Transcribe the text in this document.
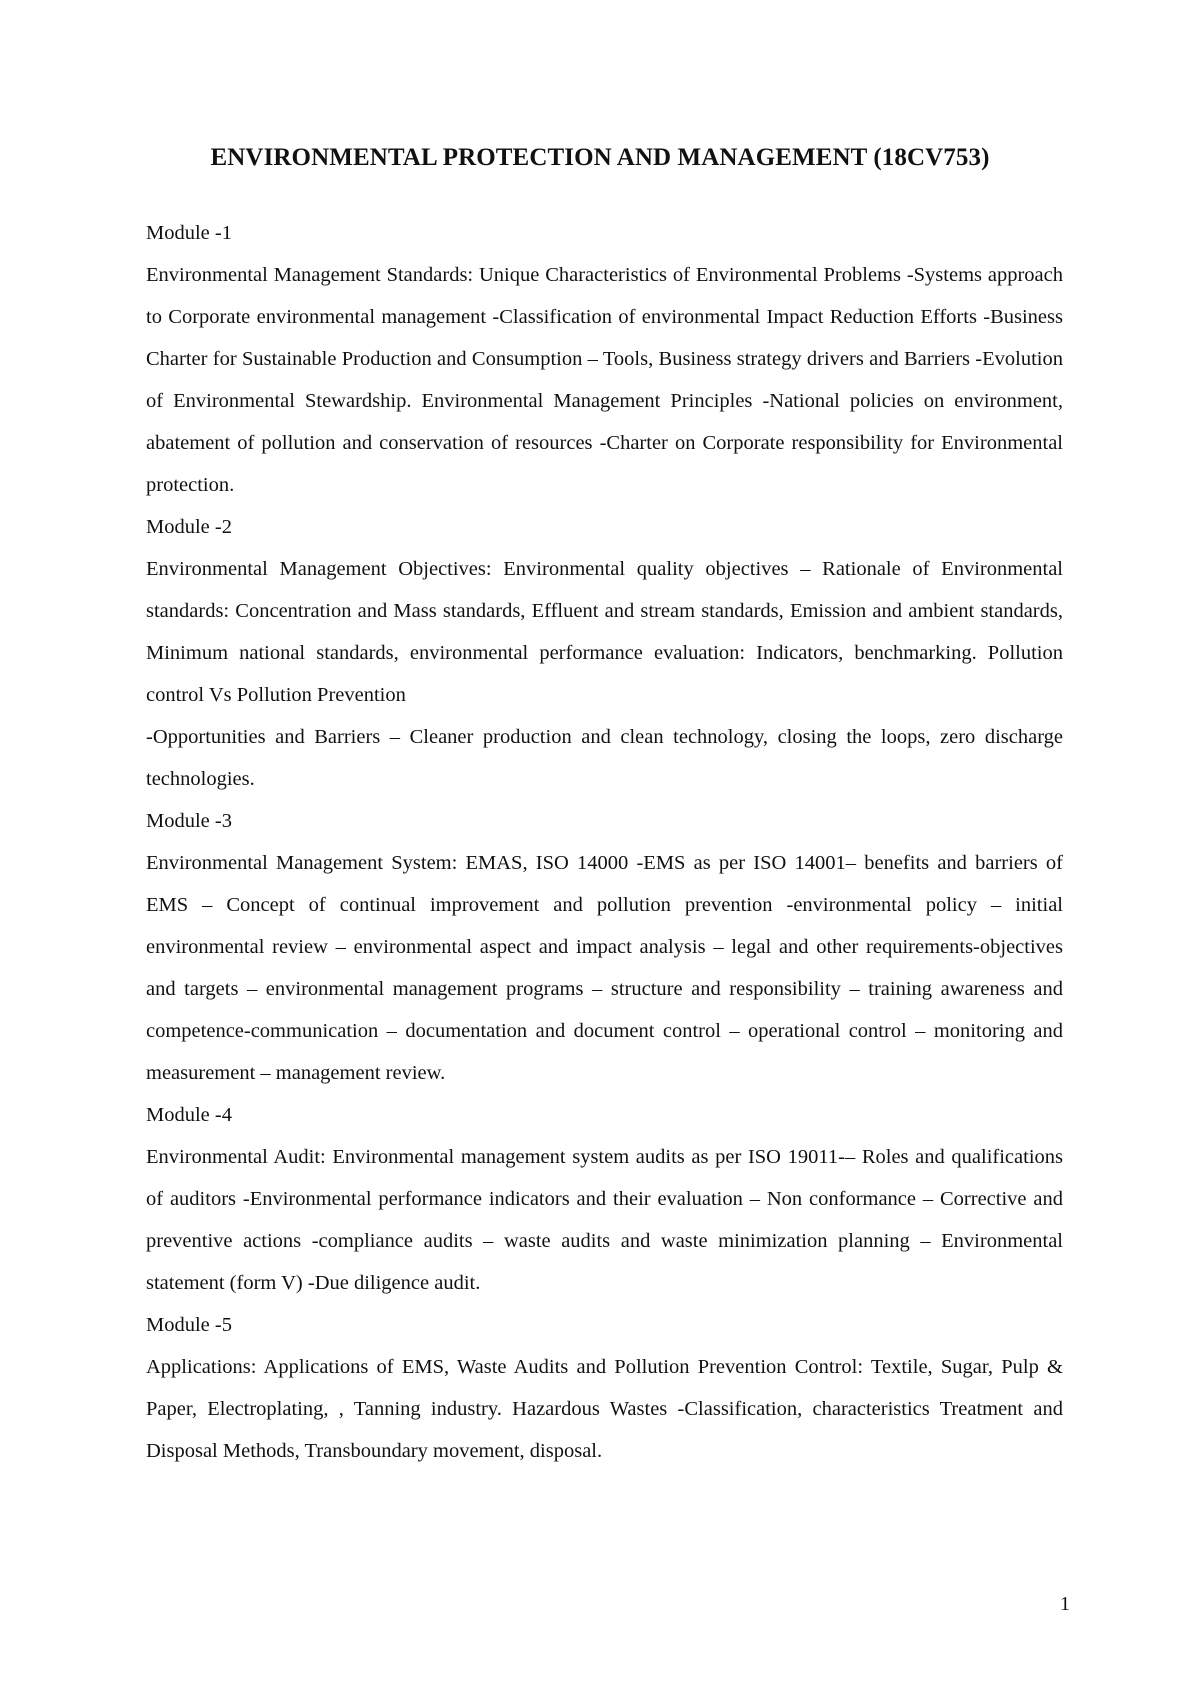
ENVIRONMENTAL PROTECTION AND MANAGEMENT (18CV753)

Module -1

Environmental Management Standards: Unique Characteristics of Environmental Problems -Systems approach to Corporate environmental management -Classification of environmental Impact Reduction Efforts -Business Charter for Sustainable Production and Consumption – Tools, Business strategy drivers and Barriers -Evolution of Environmental Stewardship. Environmental Management Principles -National policies on environment, abatement of pollution and conservation of resources -Charter on Corporate responsibility for Environmental protection.

Module -2

Environmental Management Objectives: Environmental quality objectives – Rationale of Environmental standards: Concentration and Mass standards, Effluent and stream standards, Emission and ambient standards, Minimum national standards, environmental performance evaluation: Indicators, benchmarking. Pollution control Vs Pollution Prevention

-Opportunities and Barriers – Cleaner production and clean technology, closing the loops, zero discharge technologies.

Module -3

Environmental Management System: EMAS, ISO 14000 -EMS as per ISO 14001– benefits and barriers of EMS – Concept of continual improvement and pollution prevention -environmental policy – initial environmental review – environmental aspect and impact analysis – legal and other requirements-objectives and targets – environmental management programs – structure and responsibility – training awareness and competence-communication – documentation and document control – operational control – monitoring and measurement – management review.

Module -4

Environmental Audit: Environmental management system audits as per ISO 19011-– Roles and qualifications of auditors -Environmental performance indicators and their evaluation – Non conformance – Corrective and preventive actions -compliance audits – waste audits and waste minimization planning – Environmental statement (form V) -Due diligence audit.

Module -5

Applications: Applications of EMS, Waste Audits and Pollution Prevention Control: Textile, Sugar, Pulp & Paper, Electroplating, , Tanning industry. Hazardous Wastes -Classification, characteristics Treatment and Disposal Methods, Transboundary movement, disposal.

1
